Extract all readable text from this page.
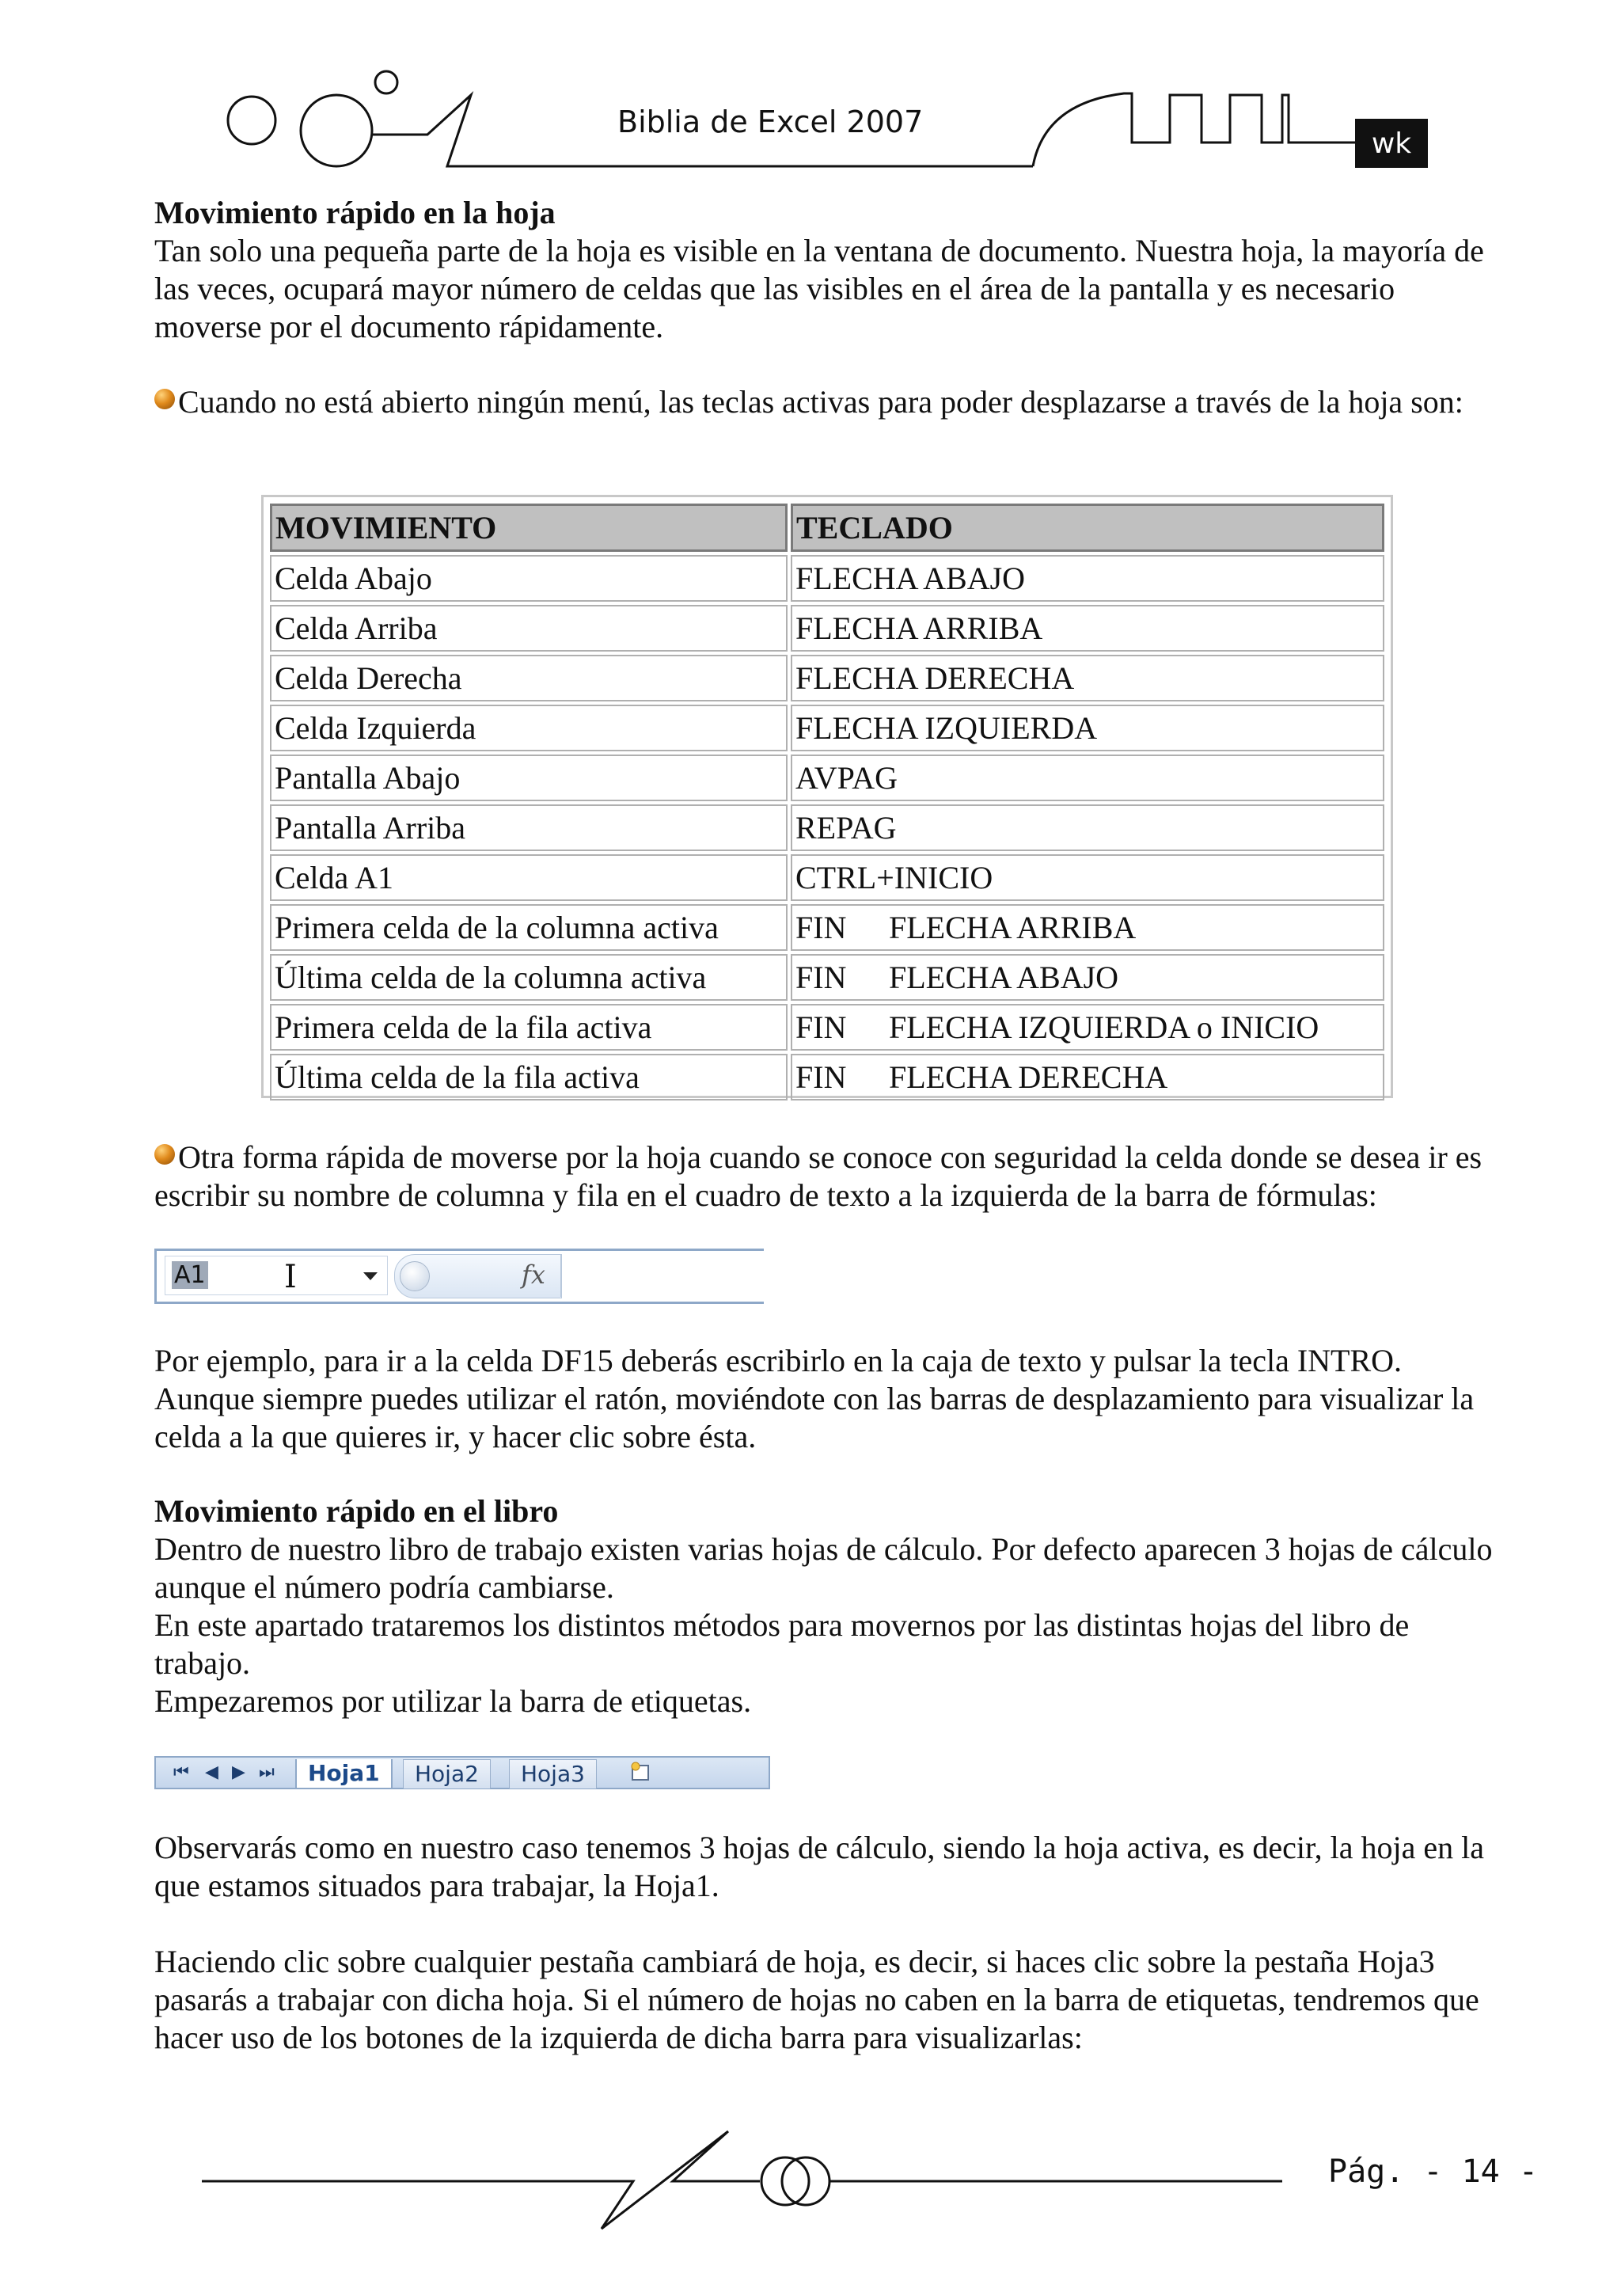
Biblia de Excel 2007
wk

Movimiento rápido en la hoja

Tan solo una pequeña parte de la hoja es visible en la ventana de documento. Nuestra hoja, la mayoría de las veces, ocupará mayor número de celdas que las visibles en el área de la pantalla y es necesario moverse por el documento rápidamente.

Cuando no está abierto ningún menú, las teclas activas para poder desplazarse a través de la hoja son:

MOVIMIENTO	TECLADO
Celda Abajo	FLECHA ABAJO
Celda Arriba	FLECHA ARRIBA
Celda Derecha	FLECHA DERECHA
Celda Izquierda	FLECHA IZQUIERDA
Pantalla Abajo	AVPAG
Pantalla Arriba	REPAG
Celda A1	CTRL+INICIO
Primera celda de la columna activa	FIN FLECHA ARRIBA
Última celda de la columna activa	FIN FLECHA ABAJO
Primera celda de la fila activa	FIN FLECHA IZQUIERDA o INICIO
Última celda de la fila activa	FIN FLECHA DERECHA

Otra forma rápida de moverse por la hoja cuando se conoce con seguridad la celda donde se desea ir es escribir su nombre de columna y fila en el cuadro de texto a la izquierda de la barra de fórmulas:

A1 I	fx

Por ejemplo, para ir a la celda DF15 deberás escribirlo en la caja de texto y pulsar la tecla INTRO.

Aunque siempre puedes utilizar el ratón, moviéndote con las barras de desplazamiento para visualizar la celda a la que quieres ir, y hacer clic sobre ésta.

Movimiento rápido en el libro

Dentro de nuestro libro de trabajo existen varias hojas de cálculo. Por defecto aparecen 3 hojas de cálculo aunque el número podría cambiarse.

En este apartado trataremos los distintos métodos para movernos por las distintas hojas del libro de trabajo.

Empezaremos por utilizar la barra de etiquetas.

⏮ ◀ ▶ ⏭	Hoja1	Hoja2	Hoja3

Observarás como en nuestro caso tenemos 3 hojas de cálculo, siendo la hoja activa, es decir, la hoja en la que estamos situados para trabajar, la Hoja1.

Haciendo clic sobre cualquier pestaña cambiará de hoja, es decir, si haces clic sobre la pestaña Hoja3 pasarás a trabajar con dicha hoja. Si el número de hojas no caben en la barra de etiquetas, tendremos que hacer uso de los botones de la izquierda de dicha barra para visualizarlas:

Pág. - 14 -
